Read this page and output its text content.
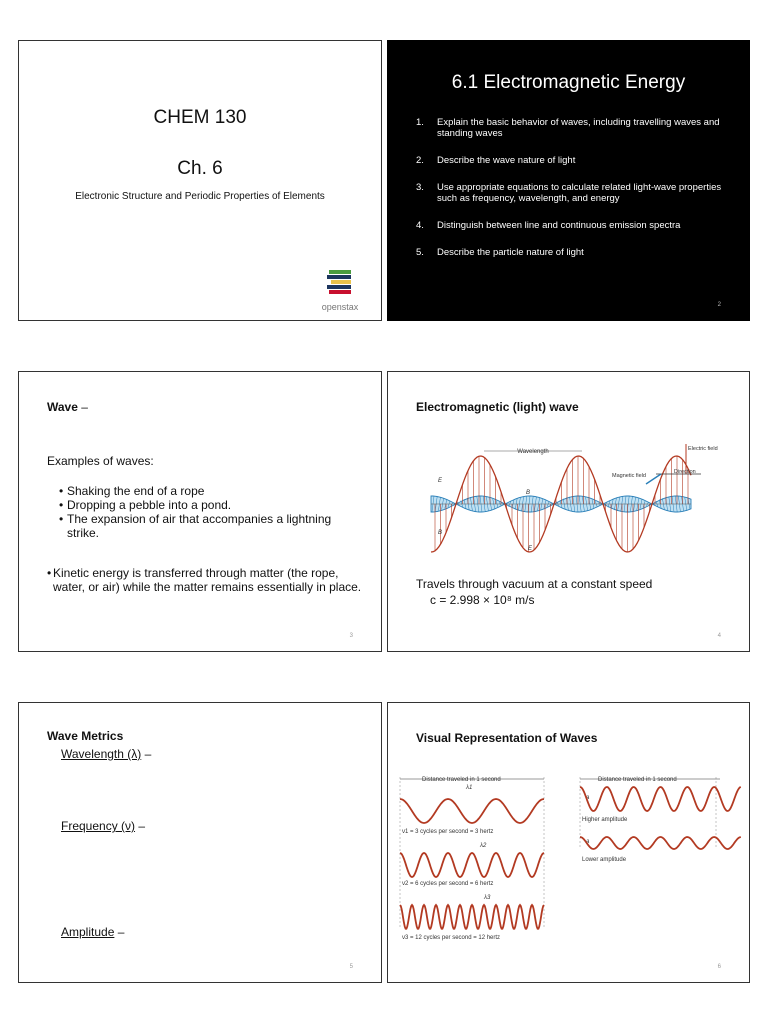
CHEM 130
Ch. 6
Electronic Structure and Periodic Properties of Elements
openstax
6.1 Electromagnetic Energy
1. Explain the basic behavior of waves, including travelling waves and standing waves
2. Describe the wave nature of light
3. Use appropriate equations to calculate related light-wave properties such as frequency, wavelength, and energy
4. Distinguish between line and continuous emission spectra
5. Describe the particle nature of light
2
Wave –
Examples of waves:
• Shaking the end of a rope
• Dropping a pebble into a pond.
• The expansion of air that accompanies a lightning strike.
• Kinetic energy is transferred through matter (the rope, water, or air) while the matter remains essentially in place.
3
Electromagnetic (light) wave
Wavelength	Electric field
Direction
Magnetic field
E
B
B
E
Travels through vacuum at a constant speed
c = 2.998 × 10⁸ m/s
4
Wave Metrics
Wavelength (λ) –
Frequency (ν) –
Amplitude –
5
Visual Representation of Waves
Distance traveled in 1 second	Distance traveled in 1 second
λ1
ν1 = 3 cycles per second = 3 hertz
λ2
ν2 = 6 cycles per second = 6 hertz
λ3
ν3 = 12 cycles per second = 12 hertz
Higher amplitude
Lower amplitude
a
a
6
